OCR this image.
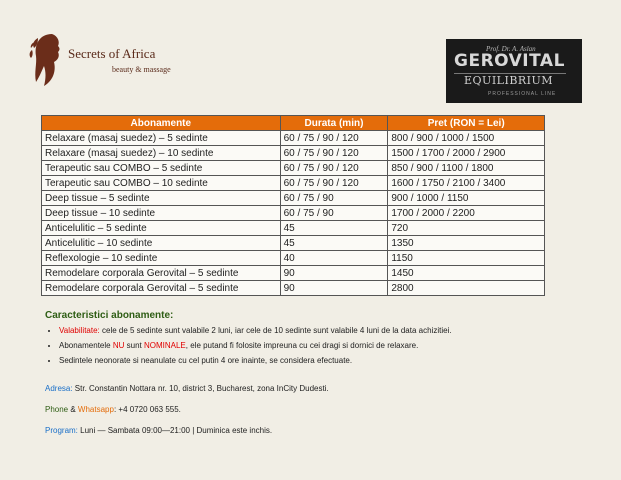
Secrets of Africa
beauty & massage
Prof. Dr. A. Aslan
GEROVITAL
EQUILIBRIUM
PROFESSIONAL LINE
Abonamente	Durata (min)	Pret (RON = Lei)
Relaxare (masaj suedez) – 5 sedinte	60 / 75 / 90 / 120	800 / 900 / 1000 / 1500
Relaxare (masaj suedez) – 10 sedinte	60 / 75 / 90 / 120	1500 / 1700 / 2000 / 2900
Terapeutic sau COMBO – 5 sedinte	60 / 75 / 90 / 120	850 / 900 / 1100 / 1800
Terapeutic sau COMBO – 10 sedinte	60 / 75 / 90 / 120	1600 / 1750 / 2100 / 3400
Deep tissue – 5 sedinte	60 / 75 / 90	900 / 1000 / 1150
Deep tissue – 10 sedinte	60 / 75 / 90	1700 / 2000 / 2200
Anticelulitic – 5 sedinte	45	720
Anticelulitic – 10 sedinte	45	1350
Reflexologie – 10 sedinte	40	1150
Remodelare corporala Gerovital – 5 sedinte	90	1450
Remodelare corporala Gerovital – 5 sedinte	90	2800
Caracteristici abonamente:
• Valabilitate: cele de 5 sedinte sunt valabile 2 luni, iar cele de 10 sedinte sunt valabile 4 luni de la data achizitiei.
• Abonamentele NU sunt NOMINALE, ele putand fi folosite impreuna cu cei dragi si dornici de relaxare.
• Sedintele neonorate si neanulate cu cel putin 4 ore inainte, se considera efectuate.
Adresa: Str. Constantin Nottara nr. 10, district 3, Bucharest, zona InCity Dudesti.
Phone & Whatsapp: +4 0720 063 555.
Program: Luni — Sambata 09:00—21:00 | Duminica este inchis.
